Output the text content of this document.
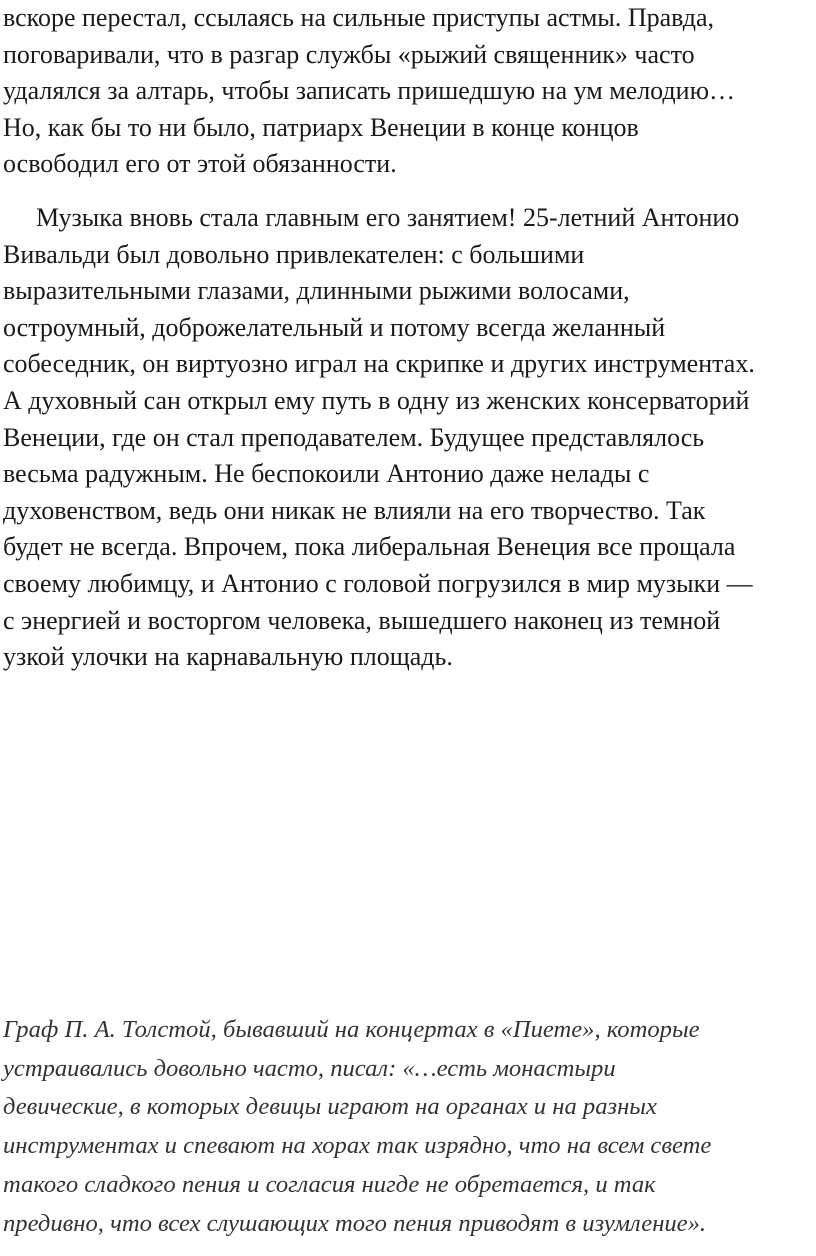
вскоре перестал, ссылаясь на сильные приступы астмы. Правда,
поговаривали, что в разгар службы «рыжий священник» часто
удалялся за алтарь, чтобы записать пришедшую на ум мелодию…
Но, как бы то ни было, патриарх Венеции в конце концов
освободил его от этой обязанности.

Музыка вновь стала главным его занятием! 25-летний Антонио
Вивальди был довольно привлекателен: с большими
выразительными глазами, длинными рыжими волосами,
остроумный, доброжелательный и потому всегда желанный
собеседник, он виртуозно играл на скрипке и других инструментах.
А духовный сан открыл ему путь в одну из женских консерваторий
Венеции, где он стал преподавателем. Будущее представлялось
весьма радужным. Не беспокоили Антонио даже нелады с
духовенством, ведь они никак не влияли на его творчество. Так
будет не всегда. Впрочем, пока либеральная Венеция все прощала
своему любимцу, и Антонио с головой погрузился в мир музыки —
с энергией и восторгом человека, вышедшего наконец из темной
узкой улочки на карнавальную площадь.

Граф П. А. Толстой, бывавший на концертах в «Пиете», которые
устраивались довольно часто, писал: «…есть монастыри
девические, в которых девицы играют на органах и на разных
инструментах и спевают на хорах так изрядно, что на всем свете
такого сладкого пения и согласия нигде не обретается, и так
предивно, что всех слушающих того пения приводят в изумление».
